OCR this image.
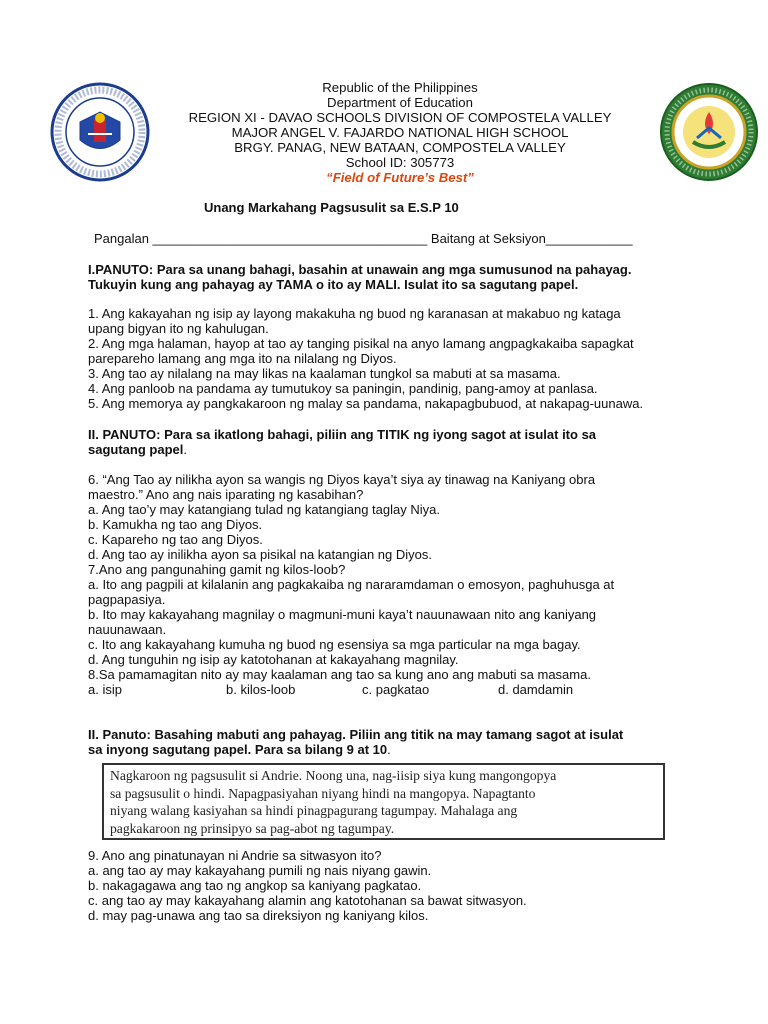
Republic of the Philippines
Department of Education
REGION XI - DAVAO SCHOOLS DIVISION OF COMPOSTELA VALLEY
MAJOR ANGEL V. FAJARDO NATIONAL HIGH SCHOOL
BRGY. PANAG, NEW BATAAN, COMPOSTELA VALLEY
School ID: 305773
“Field of Future’s Best”
Unang Markahang Pagsusulit sa E.S.P 10
Pangalan ______________________________________ Baitang at Seksiyon____________
I.PANUTO: Para sa unang bahagi, basahin at unawain ang mga sumusunod na pahayag.
Tukuyin kung ang pahayag ay TAMA o ito ay MALI. Isulat ito sa sagutang papel.
1. Ang kakayahan ng isip ay layong makakuha ng buod ng karanasan at makabuo ng kataga
upang bigyan ito ng kahulugan.
2. Ang mga halaman, hayop at tao ay tanging pisikal na anyo lamang angpagkakaiba sapagkat
parepareho lamang ang mga ito na nilalang ng Diyos.
3. Ang tao ay nilalang na may likas na kaalaman tungkol sa mabuti at sa masama.
4. Ang panloob na pandama ay tumutukoy sa paningin, pandinig, pang-amoy at panlasa.
5. Ang memorya ay pangkakaroon ng malay sa pandama, nakapagbubuod, at nakapag-uunawa.
II. PANUTO: Para sa ikatlong bahagi, piliin ang TITIK ng iyong sagot at isulat ito sa
sagutang papel.
6. “Ang Tao ay nilikha ayon sa wangis ng Diyos kaya’t siya ay tinawag na Kaniyang obra
maestro.” Ano ang nais iparating ng kasabihan?
a. Ang tao’y may katangiang tulad ng katangiang taglay Niya.
b. Kamukha ng tao ang Diyos.
c. Kapareho ng tao ang Diyos.
d. Ang tao ay inilikha ayon sa pisikal na katangian ng Diyos.
7.Ano ang pangunahing gamit ng kilos-loob?
a. Ito ang pagpili at kilalanin ang pagkakaiba ng nararamdaman o emosyon, paghuhusga at
pagpapasiya.
b. Ito may kakayahang magnilay o magmuni-muni kaya’t nauunawaan nito ang kaniyang
nauunawaan.
c. Ito ang kakayahang kumuha ng buod ng esensiya sa mga particular na mga bagay.
d. Ang tunguhin ng isip ay katotohanan at kakayahang magnilay.
8.Sa pamamagitan nito ay may kaalaman ang tao sa kung ano ang mabuti sa masama.
a. isip	b. kilos-loob	c. pagkatao	d. damdamin
II. Panuto: Basahing mabuti ang pahayag. Piliin ang titik na may tamang sagot at isulat
sa inyong sagutang papel. Para sa bilang 9 at 10.
Nagkaroon ng pagsusulit si Andrie. Noong una, nag-iisip siya kung mangongopya
sa pagsusulit o hindi. Napagpasiyahan niyang hindi na mangopya. Napagtanto
niyang walang kasiyahan sa hindi pinagpagurang tagumpay. Mahalaga ang
pagkakaroon ng prinsipyo sa pag-abot ng tagumpay.
9. Ano ang pinatunayan ni Andrie sa sitwasyon ito?
a. ang tao ay may kakayahang pumili ng nais niyang gawin.
b. nakagagawa ang tao ng angkop sa kaniyang pagkatao.
c. ang tao ay may kakayahang alamin ang katotohanan sa bawat sitwasyon.
d. may pag-unawa ang tao sa direksiyon ng kaniyang kilos.
